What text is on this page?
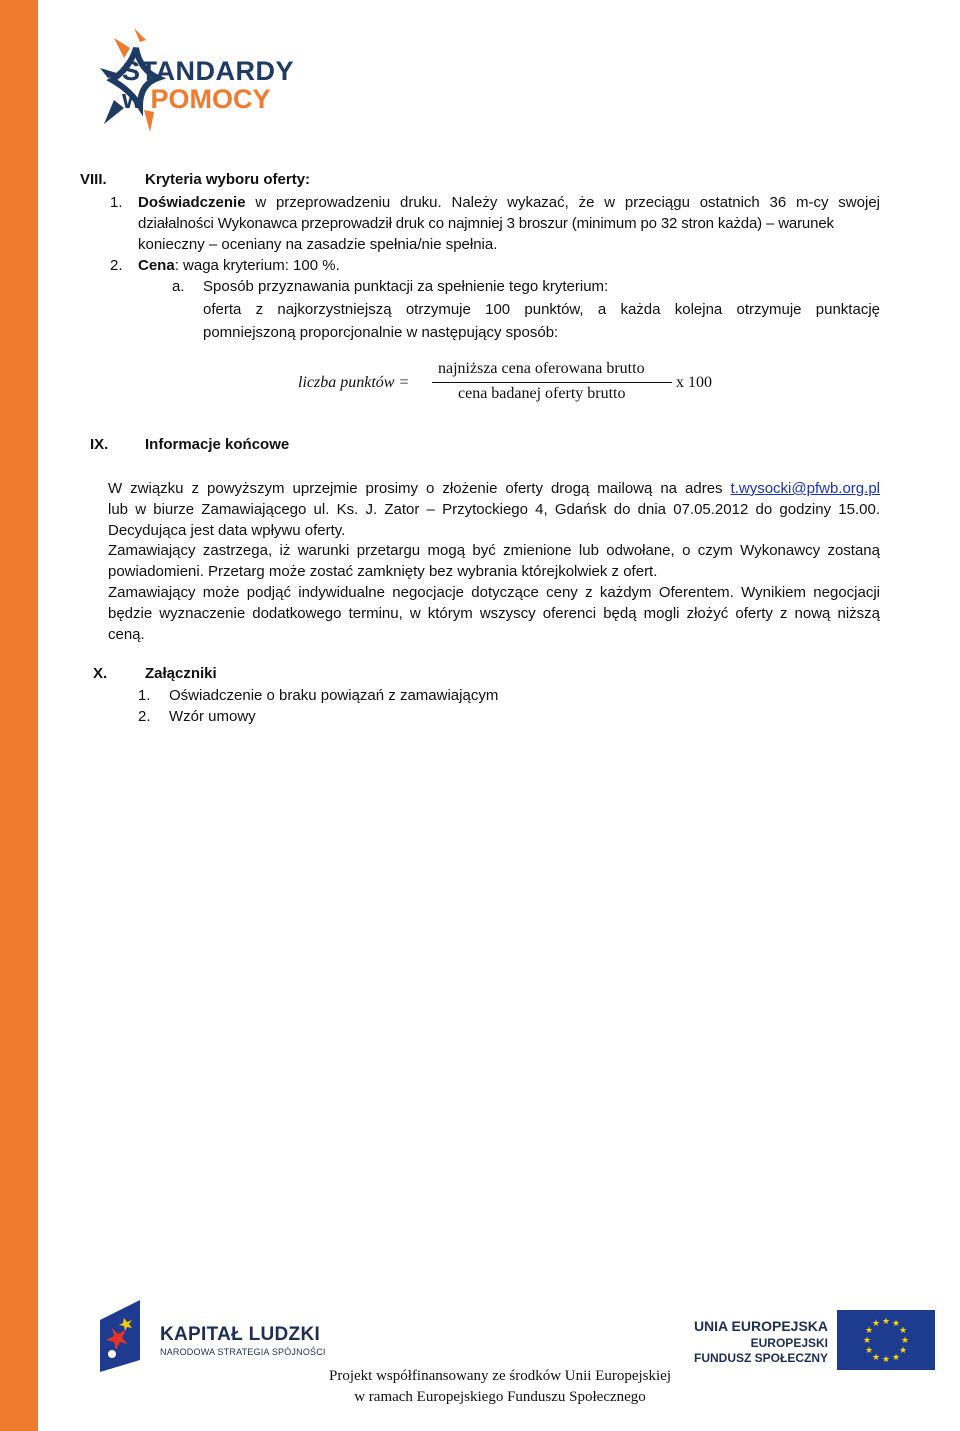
STANDARDY
w POMOCY
VIII.	Kryteria wyboru oferty:
1. Doświadczenie w przeprowadzeniu druku. Należy wykazać, że w przeciągu ostatnich 36 m-cy swojej
działalności Wykonawca przeprowadził druk co najmniej 3 broszur (minimum po 32 stron każda) – warunek
konieczny – oceniany na zasadzie spełnia/nie spełnia.
2. Cena: waga kryterium: 100 %.
a. Sposób przyznawania punktacji za spełnienie tego kryterium:
oferta z najkorzystniejszą otrzymuje 100 punktów, a każda kolejna otrzymuje punktację
pomniejszoną proporcjonalnie w następujący sposób:
liczba punktów =
najniższa cena oferowana brutto
cena badanej oferty brutto
x 100
IX. Informacje końcowe
W związku z powyższym uprzejmie prosimy o złożenie oferty drogą mailową na adres t.wysocki@pfwb.org.pl
lub w biurze Zamawiającego ul. Ks. J. Zator – Przytockiego 4, Gdańsk do dnia 07.05.2012 do godziny 15.00.
Decydująca jest data wpływu oferty.
Zamawiający zastrzega, iż warunki przetargu mogą być zmienione lub odwołane, o czym Wykonawcy zostaną
powiadomieni. Przetarg może zostać zamknięty bez wybrania którejkolwiek z ofert.
Zamawiający może podjąć indywidualne negocjacje dotyczące ceny z każdym Oferentem. Wynikiem negocjacji
będzie wyznaczenie dodatkowego terminu, w którym wszyscy oferenci będą mogli złożyć oferty z nową niższą
ceną.
X.	Załączniki
1. Oświadczenie o braku powiązań z zamawiającym
2. Wzór umowy
KAPITAŁ LUDZKI
NARODOWA STRATEGIA SPÓJNOŚCI
UNIA EUROPEJSKA
EUROPEJSKI
FUNDUSZ SPOŁECZNY
★ ★
★
★
★
★
★
★
★
★
★
★
Projekt współfinansowany ze środków Unii Europejskiej
w ramach Europejskiego Funduszu Społecznego
